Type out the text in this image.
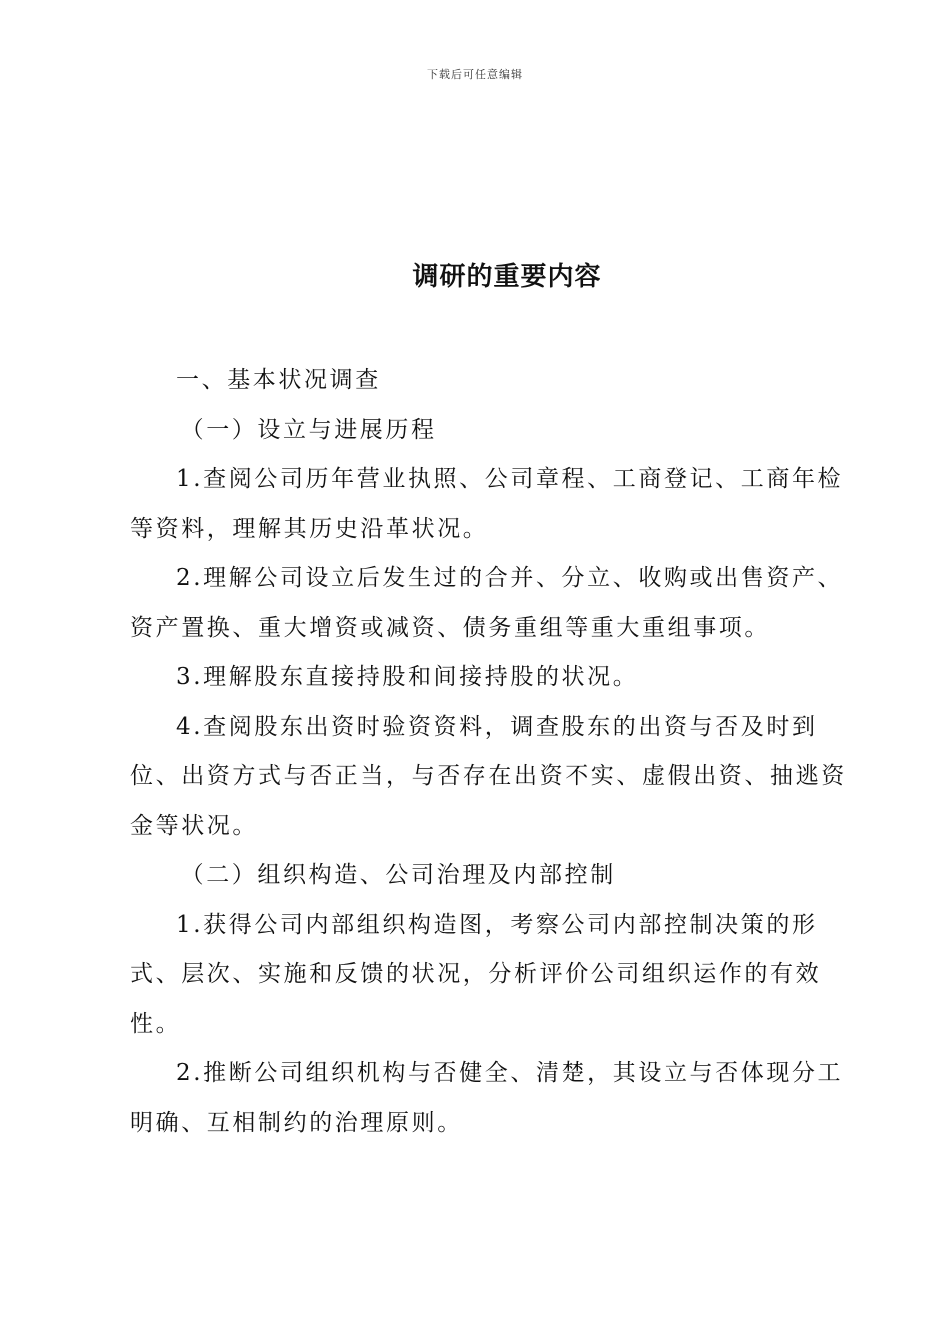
下载后可任意编辑
调研的重要内容

一、基本状况调查

（一）设立与进展历程

1.查阅公司历年营业执照、公司章程、工商登记、工商年检等资料，理解其历史沿革状况。

2.理解公司设立后发生过的合并、分立、收购或出售资产、资产置换、重大增资或减资、债务重组等重大重组事项。

3.理解股东直接持股和间接持股的状况。

4.查阅股东出资时验资资料，调查股东的出资与否及时到位、出资方式与否正当，与否存在出资不实、虚假出资、抽逃资金等状况。

（二）组织构造、公司治理及内部控制

1.获得公司内部组织构造图，考察公司内部控制决策的形式、层次、实施和反馈的状况，分析评价公司组织运作的有效性。

2.推断公司组织机构与否健全、清楚，其设立与否体现分工明确、互相制约的治理原则。
